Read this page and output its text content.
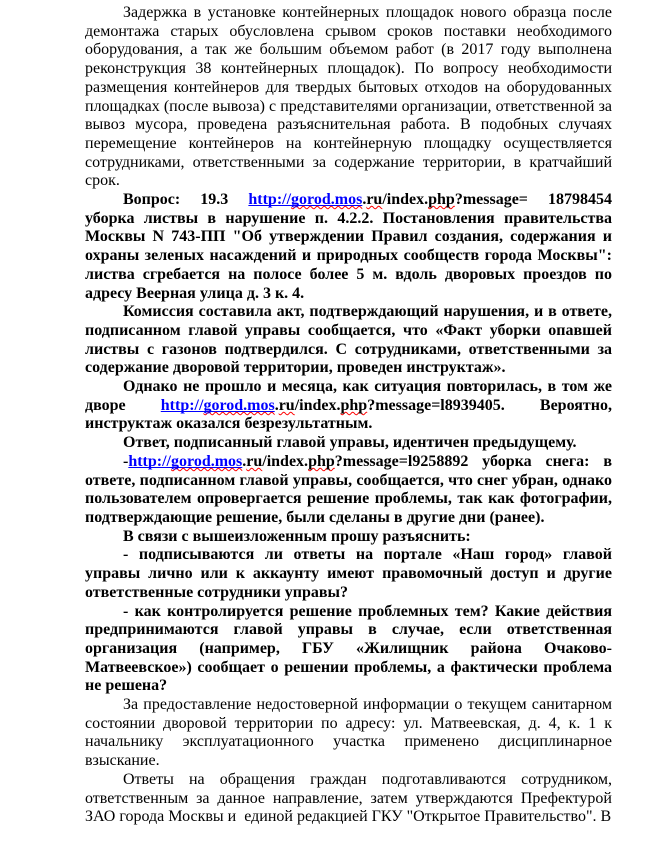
Задержка в установке контейнерных площадок нового образца после демонтажа старых обусловлена срывом сроков поставки необходимого оборудования, а так же большим объемом работ (в 2017 году выполнена реконструкция 38 контейнерных площадок). По вопросу необходимости размещения контейнеров для твердых бытовых отходов на оборудованных площадках (после вывоза) с представителями организации, ответственной за вывоз мусора, проведена разъяснительная работа. В подобных случаях перемещение контейнеров на контейнерную площадку осуществляется сотрудниками, ответственными за содержание территории, в кратчайший срок.

Вопрос: 19.3 http://gorod.mos.ru/index.php?message= 18798454 уборка листвы в нарушение п. 4.2.2. Постановления правительства Москвы N 743-ПП "Об утверждении Правил создания, содержания и охраны зеленых насаждений и природных сообществ города Москвы": листва сгребается на полосе более 5 м. вдоль дворовых проездов по адресу Веерная улица д. 3 к. 4.

Комиссия составила акт, подтверждающий нарушения, и в ответе, подписанном главой управы сообщается, что «Факт уборки опавшей листвы с газонов подтвердился. С сотрудниками, ответственными за содержание дворовой территории, проведен инструктаж».

Однако не прошло и месяца, как ситуация повторилась, в том же дворе http://gorod.mos.ru/index.php?message=l8939405. Вероятно, инструктаж оказался безрезультатным.

Ответ, подписанный главой управы, идентичен предыдущему.

-http://gorod.mos.ru/index.php?message=l9258892 уборка снега: в ответе, подписанном главой управы, сообщается, что снег убран, однако пользователем опровергается решение проблемы, так как фотографии, подтверждающие решение, были сделаны в другие дни (ранее).

В связи с вышеизложенным прошу разъяснить:

- подписываются ли ответы на портале «Наш город» главой управы лично или к аккаунту имеют правомочный доступ и другие ответственные сотрудники управы?

- как контролируется решение проблемных тем? Какие действия предпринимаются главой управы в случае, если ответственная организация (например, ГБУ «Жилищник района Очаково-Матвеевское») сообщает о решении проблемы, а фактически проблема не решена?

За предоставление недостоверной информации о текущем санитарном состоянии дворовой территории по адресу: ул. Матвеевская, д. 4, к. 1 к начальнику эксплуатационного участка применено дисциплинарное взыскание.

Ответы на обращения граждан подготавливаются сотрудником, ответственным за данное направление, затем утверждаются Префектурой ЗАО города Москвы и  единой редакцией ГКУ "Открытое Правительство". В
